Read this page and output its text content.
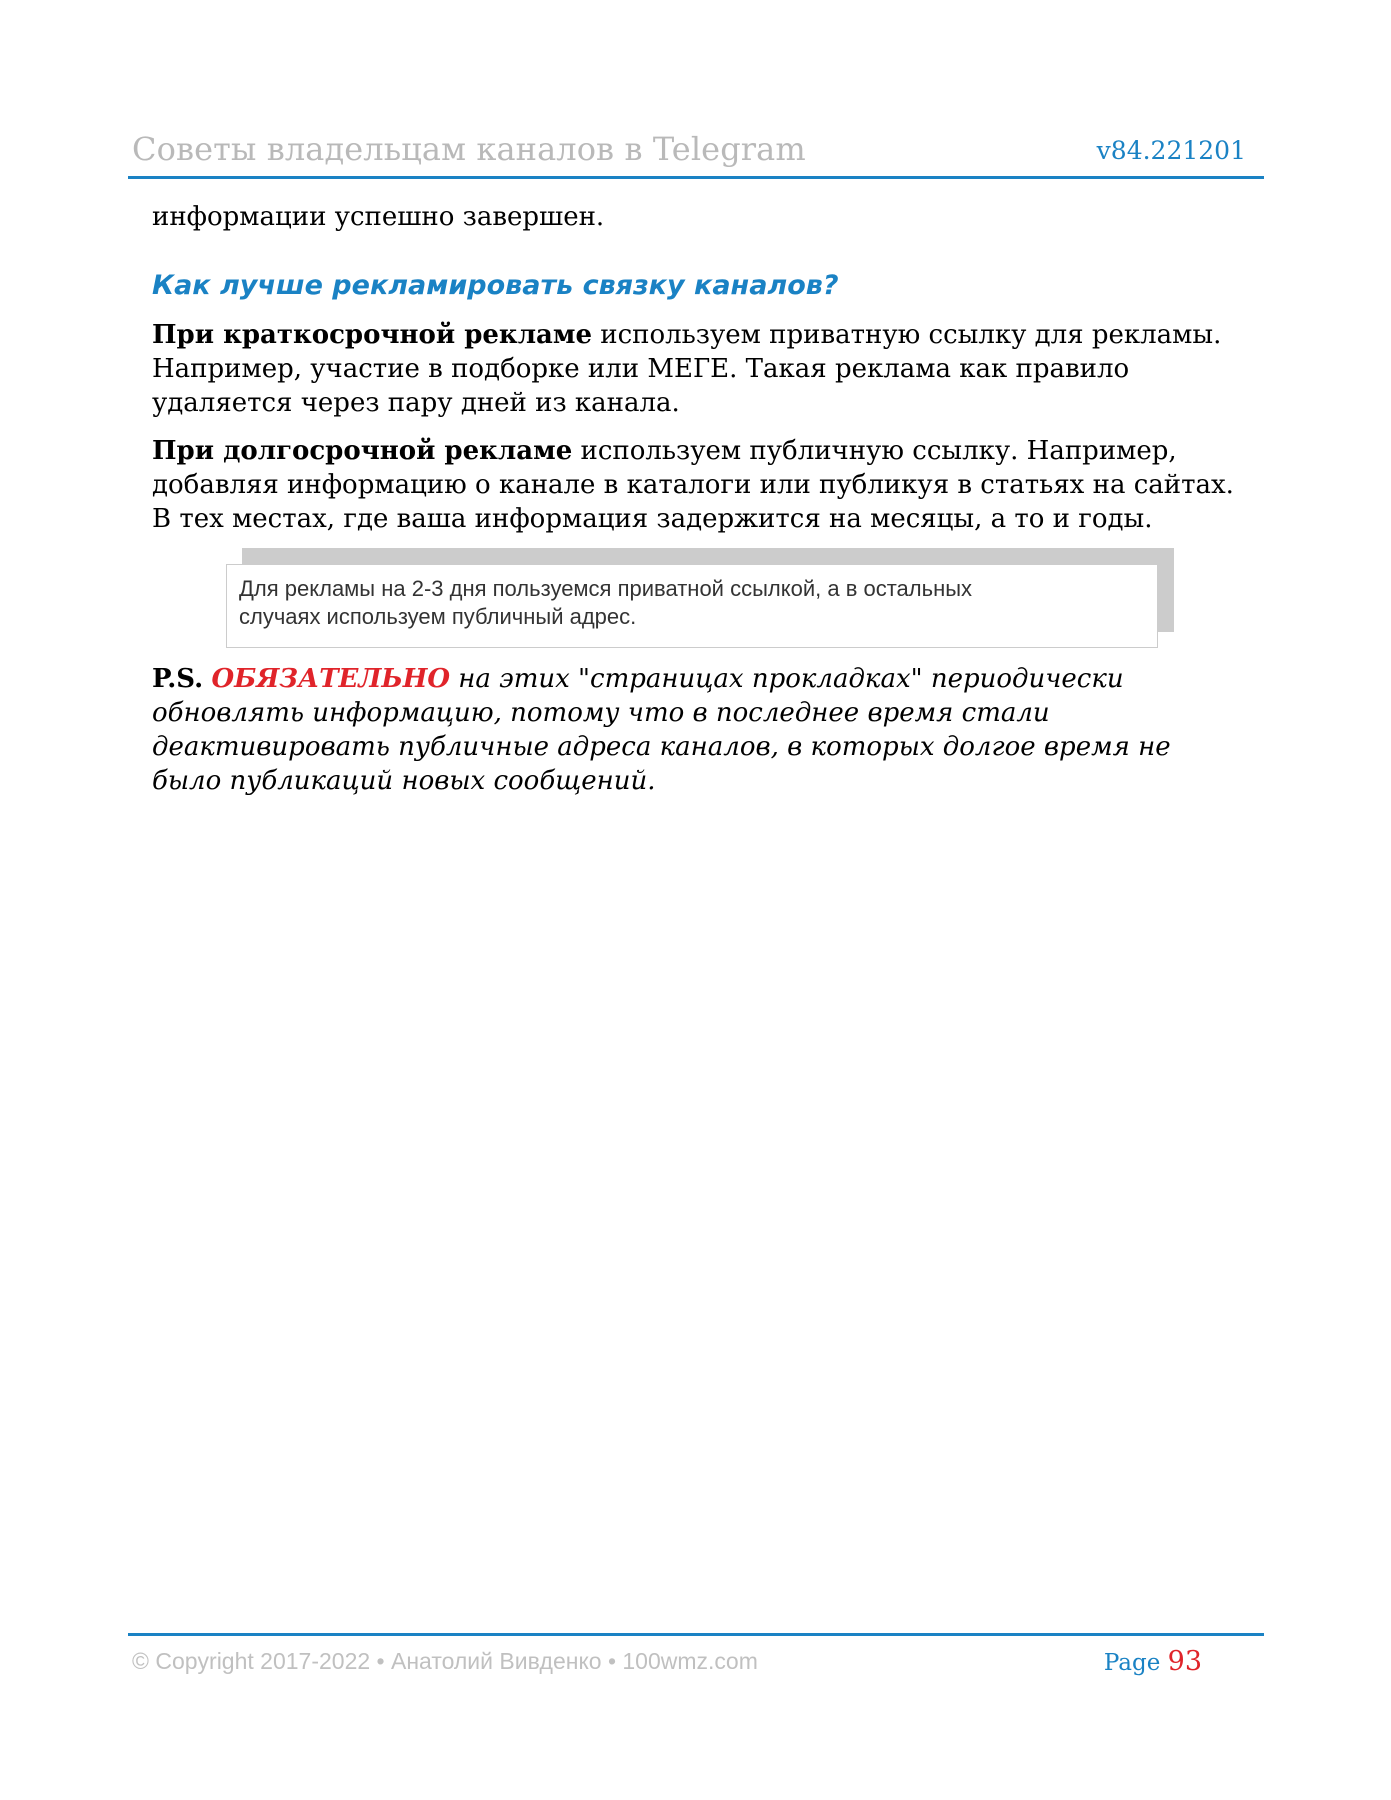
Советы владельцам каналов в Telegram	v84.221201

информации успешно завершен.

Как лучше рекламировать связку каналов?

При краткосрочной рекламе используем приватную ссылку для рекламы.
Например, участие в подборке или МЕГЕ. Такая реклама как правило
удаляется через пару дней из канала.

При долгосрочной рекламе используем публичную ссылку. Например,
добавляя информацию о канале в каталоги или публикуя в статьях на сайтах.
В тех местах, где ваша информация задержится на месяцы, а то и годы.

Для рекламы на 2-3 дня пользуемся приватной ссылкой, а в остальных
случаях используем публичный адрес.

P.S. ОБЯЗАТЕЛЬНО на этих "страницах прокладках" периодически
обновлять информацию, потому что в последнее время стали
деактивировать публичные адреса каналов, в которых долгое время не
было публикаций новых сообщений.

© Copyright 2017-2022 • Анатолий Вивденко • 100wmz.com	Page 93
